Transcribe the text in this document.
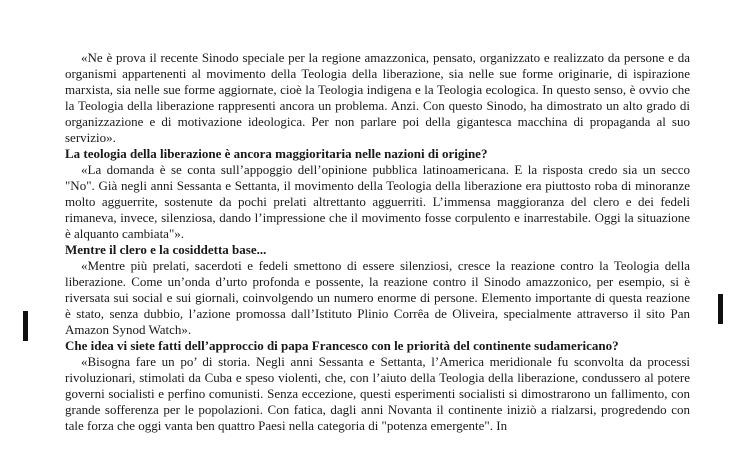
«Ne è prova il recente Sinodo speciale per la regione amazzonica, pensato, organizzato e realizzato da persone e da organismi appartenenti al movimento della Teologia della liberazione, sia nelle sue forme originarie, di ispirazione marxista, sia nelle sue forme aggiornate, cioè la Teologia indigena e la Teologia ecologica. In questo senso, è ovvio che la Teologia della liberazione rappresenti ancora un problema. Anzi. Con questo Sinodo, ha dimostrato un alto grado di organizzazione e di motivazione ideologica. Per non parlare poi della gigantesca macchina di propaganda al suo servizio».

La teologia della liberazione è ancora maggioritaria nelle nazioni di origine?

«La domanda è se conta sull’appoggio dell’opinione pubblica latinoamericana. E la risposta credo sia un secco "No". Già negli anni Sessanta e Settanta, il movimento della Teologia della liberazione era piuttosto roba di minoranze molto agguerrite, sostenute da pochi prelati altrettanto agguerriti. L’immensa maggioranza del clero e dei fedeli rimaneva, invece, silenziosa, dando l’impressione che il movimento fosse corpulento e inarrestabile. Oggi la situazione è alquanto cambiata"».

Mentre il clero e la cosiddetta base...

«Mentre più prelati, sacerdoti e fedeli smettono di essere silenziosi, cresce la reazione contro la Teologia della liberazione. Come un’onda d’urto profonda e possente, la reazione contro il Sinodo amazzonico, per esempio, si è riversata sui social e sui giornali, coinvolgendo un numero enorme di persone. Elemento importante di questa reazione è stato, senza dubbio, l’azione promossa dall’Istituto Plinio Corrêa de Oliveira, specialmente attraverso il sito Pan Amazon Synod Watch».

Che idea vi siete fatti dell’approccio di papa Francesco con le priorità del continente sudamericano?

«Bisogna fare un po’ di storia. Negli anni Sessanta e Settanta, l’America meridionale fu sconvolta da processi rivoluzionari, stimolati da Cuba e speso violenti, che, con l’aiuto della Teologia della liberazione, condussero al potere governi socialisti e perfino comunisti. Senza eccezione, questi esperimenti socialisti si dimostrarono un fallimento, con grande sofferenza per le popolazioni. Con fatica, dagli anni Novanta il continente iniziò a rialzarsi, progredendo con tale forza che oggi vanta ben quattro Paesi nella categoria di "potenza emergente". In
